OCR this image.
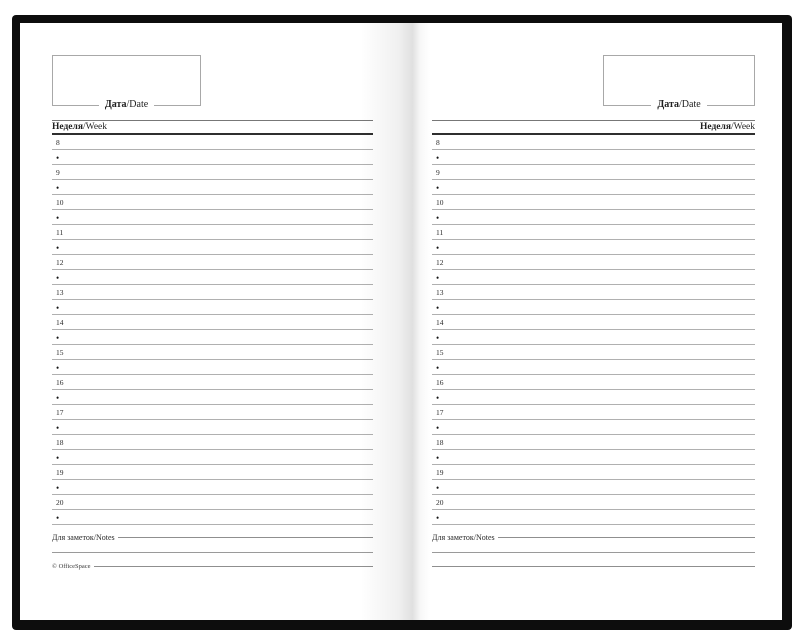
Дата/Date
Неделя/Week
8
•
9
•
10
•
11
•
12
•
13
•
14
•
15
•
16
•
17
•
18
•
19
•
20
•
Для заметок/Notes
© OfficeSpace
Дата/Date
Неделя/Week
8
•
9
•
10
•
11
•
12
•
13
•
14
•
15
•
16
•
17
•
18
•
19
•
20
•
Для заметок/Notes
